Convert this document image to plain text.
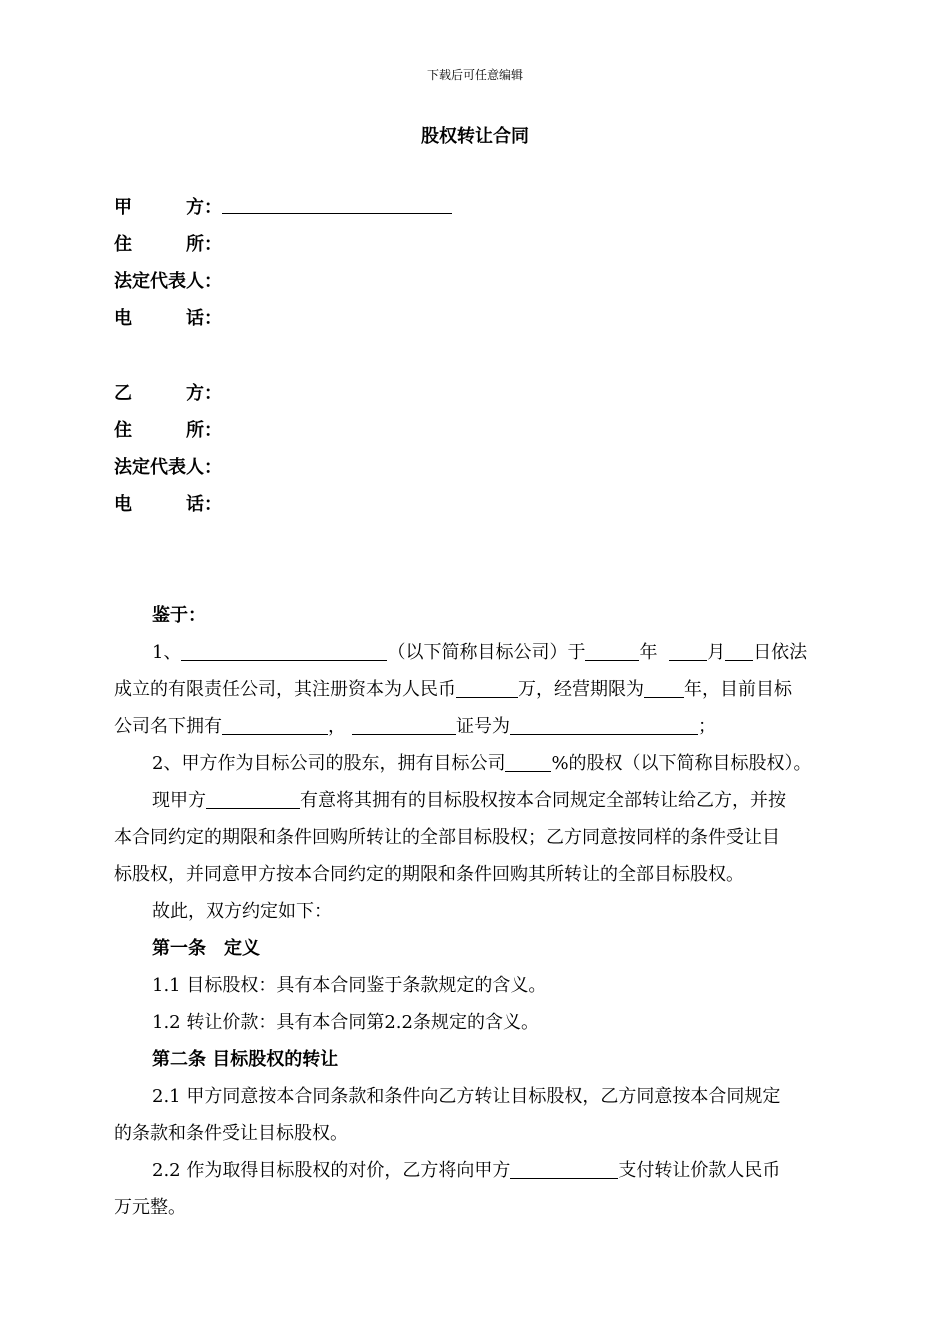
下载后可任意编辑
股权转让合同
甲　　　方：
住　　　所：
法定代表人：
电　　　话：
乙　　　方：
住　　　所：
法定代表人：
电　　　话：
鉴于：
1、	（以下简称目标公司）于	年 月 日依法
成立的有限责任公司，其注册资本为人民币	万，经营期限为 年，目前目标
公司名下拥有	，	证号为	；
2、甲方作为目标公司的股东，拥有目标公司	%的股权（以下简称目标股权）。
现甲方	有意将其拥有的目标股权按本合同规定全部转让给乙方，并按
本合同约定的期限和条件回购所转让的全部目标股权；乙方同意按同样的条件受让目
标股权，并同意甲方按本合同约定的期限和条件回购其所转让的全部目标股权。
故此，双方约定如下：
第一条　定义
1.1 目标股权：具有本合同鉴于条款规定的含义。
1.2 转让价款：具有本合同第2.2条规定的含义。
第二条 目标股权的转让
2.1 甲方同意按本合同条款和条件向乙方转让目标股权，乙方同意按本合同规定
的条款和条件受让目标股权。
2.2 作为取得目标股权的对价，乙方将向甲方	支付转让价款人民币
万元整。
